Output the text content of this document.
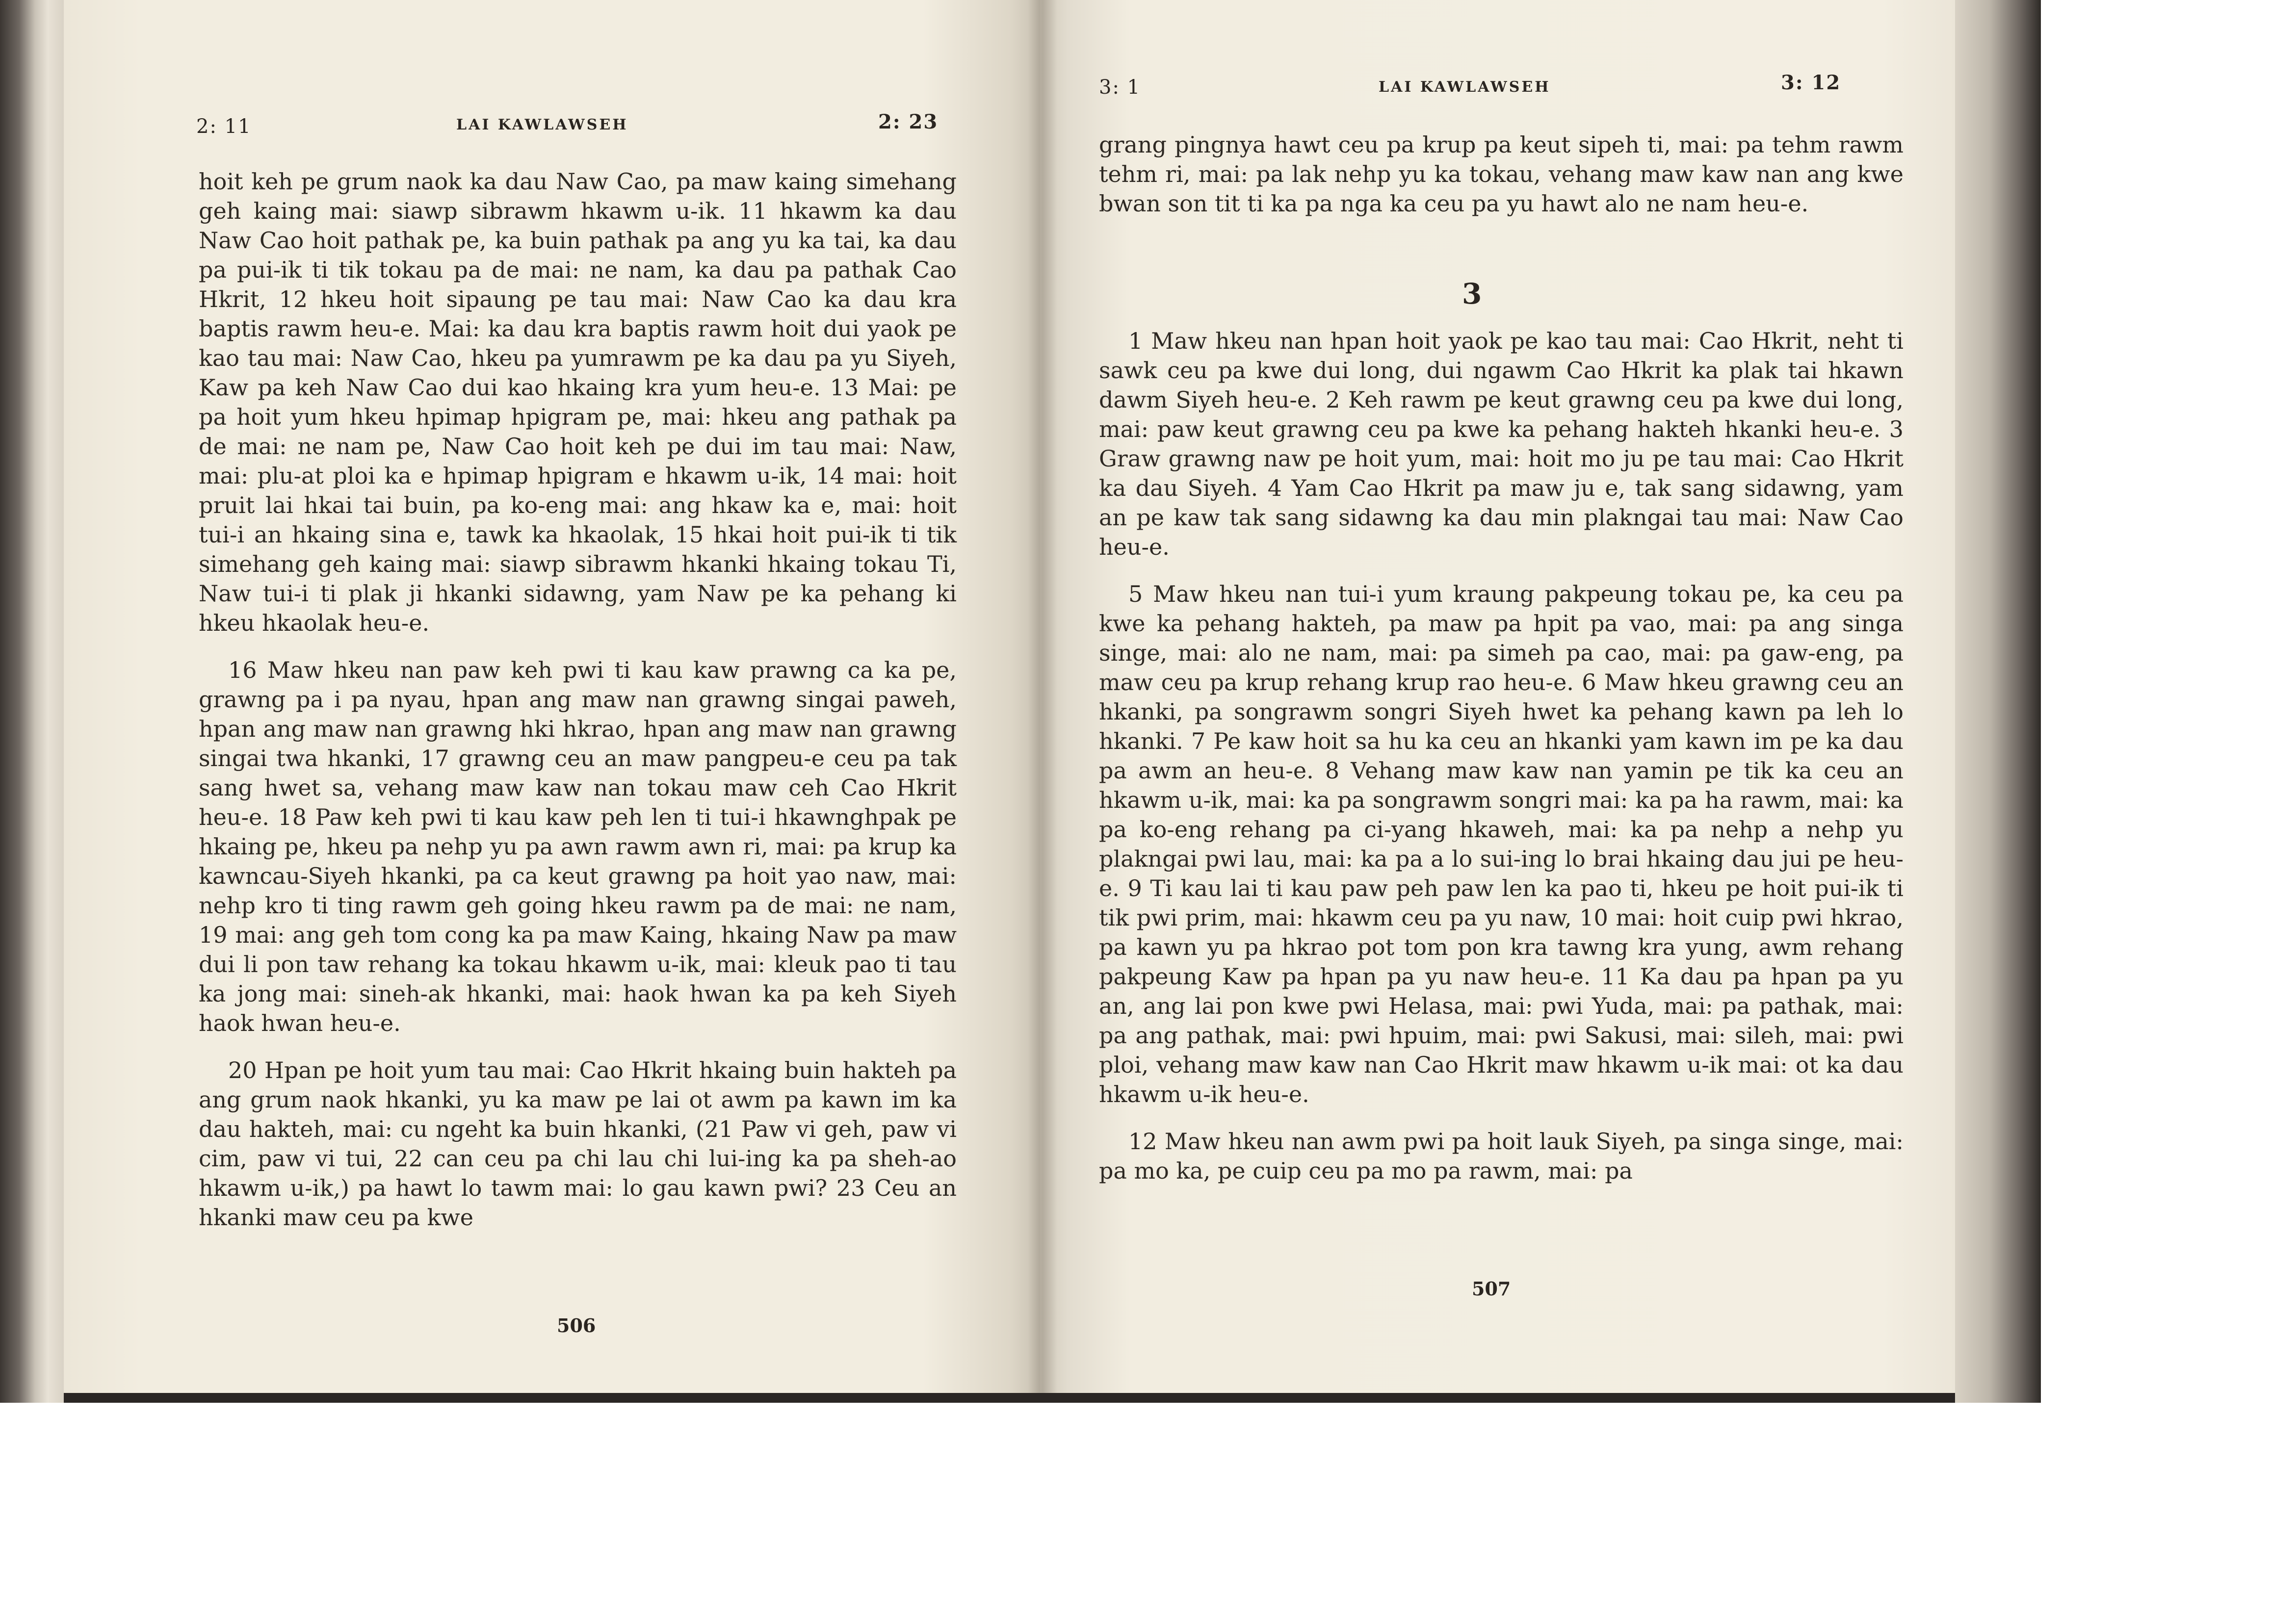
2: 11	LAI KAWLAWSEH	2: 23

hoit keh pe grum naok ka dau Naw Cao, pa maw kaing simehang geh kaing mai: siawp sibrawm hkawm u-ik. 11 hkawm ka dau Naw Cao hoit pathak pe, ka buin pathak pa ang yu ka tai, ka dau pa pui-ik ti tik tokau pa de mai: ne nam, ka dau pa pathak Cao Hkrit, 12 hkeu hoit sipaung pe tau mai: Naw Cao ka dau kra baptis rawm heu-e. Mai: ka dau kra baptis rawm hoit dui yaok pe kao tau mai: Naw Cao, hkeu pa yumrawm pe ka dau pa yu Siyeh, Kaw pa keh Naw Cao dui kao hkaing kra yum heu-e. 13 Mai: pe pa hoit yum hkeu hpimap hpigram pe, mai: hkeu ang pathak pa de mai: ne nam pe, Naw Cao hoit keh pe dui im tau mai: Naw, mai: plu-at ploi ka e hpimap hpigram e hkawm u-ik, 14 mai: hoit pruit lai hkai tai buin, pa ko-eng mai: ang hkaw ka e, mai: hoit tui-i an hkaing sina e, tawk ka hkaolak, 15 hkai hoit pui-ik ti tik simehang geh kaing mai: siawp sibrawm hkanki hkaing tokau Ti, Naw tui-i ti plak ji hkanki sidawng, yam Naw pe ka pehang ki hkeu hkaolak heu-e.

16 Maw hkeu nan paw keh pwi ti kau kaw prawng ca ka pe, grawng pa i pa nyau, hpan ang maw nan grawng singai paweh, hpan ang maw nan grawng hki hkrao, hpan ang maw nan grawng singai twa hkanki, 17 grawng ceu an maw pangpeu-e ceu pa tak sang hwet sa, vehang maw kaw nan tokau maw ceh Cao Hkrit heu-e. 18 Paw keh pwi ti kau kaw peh len ti tui-i hkawnghpak pe hkaing pe, hkeu pa nehp yu pa awn rawm awn ri, mai: pa krup ka kawncau-Siyeh hkanki, pa ca keut grawng pa hoit yao naw, mai: nehp kro ti ting rawm geh going hkeu rawm pa de mai: ne nam, 19 mai: ang geh tom cong ka pa maw Kaing, hkaing Naw pa maw dui li pon taw rehang ka tokau hkawm u-ik, mai: kleuk pao ti tau ka jong mai: sineh-ak hkanki, mai: haok hwan ka pa keh Siyeh haok hwan heu-e.

20 Hpan pe hoit yum tau mai: Cao Hkrit hkaing buin hakteh pa ang grum naok hkanki, yu ka maw pe lai ot awm pa kawn im ka dau hakteh, mai: cu ngeht ka buin hkanki, (21 Paw vi geh, paw vi cim, paw vi tui, 22 can ceu pa chi lau chi lui-ing ka pa sheh-ao hkawm u-ik,) pa hawt lo tawm mai: lo gau kawn pwi? 23 Ceu an hkanki maw ceu pa kwe

506
3: 1	LAI KAWLAWSEH	3: 12

grang pingnya hawt ceu pa krup pa keut sipeh ti, mai: pa tehm rawm tehm ri, mai: pa lak nehp yu ka tokau, vehang maw kaw nan ang kwe bwan son tit ti ka pa nga ka ceu pa yu hawt alo ne nam heu-e.

3

1 Maw hkeu nan hpan hoit yaok pe kao tau mai: Cao Hkrit, neht ti sawk ceu pa kwe dui long, dui ngawm Cao Hkrit ka plak tai hkawn dawm Siyeh heu-e. 2 Keh rawm pe keut grawng ceu pa kwe dui long, mai: paw keut grawng ceu pa kwe ka pehang hakteh hkanki heu-e. 3 Graw grawng naw pe hoit yum, mai: hoit mo ju pe tau mai: Cao Hkrit ka dau Siyeh. 4 Yam Cao Hkrit pa maw ju e, tak sang sidawng, yam an pe kaw tak sang sidawng ka dau min plakngai tau mai: Naw Cao heu-e.

5 Maw hkeu nan tui-i yum kraung pakpeung tokau pe, ka ceu pa kwe ka pehang hakteh, pa maw pa hpit pa vao, mai: pa ang singa singe, mai: alo ne nam, mai: pa simeh pa cao, mai: pa gaw-eng, pa maw ceu pa krup rehang krup rao heu-e. 6 Maw hkeu grawng ceu an hkanki, pa songrawm songri Siyeh hwet ka pehang kawn pa leh lo hkanki. 7 Pe kaw hoit sa hu ka ceu an hkanki yam kawn im pe ka dau pa awm an heu-e. 8 Vehang maw kaw nan yamin pe tik ka ceu an hkawm u-ik, mai: ka pa songrawm songri mai: ka pa ha rawm, mai: ka pa ko-eng rehang pa ci-yang hkaweh, mai: ka pa nehp a nehp yu plakngai pwi lau, mai: ka pa a lo sui-ing lo brai hkaing dau jui pe heu-e. 9 Ti kau lai ti kau paw peh paw len ka pao ti, hkeu pe hoit pui-ik ti tik pwi prim, mai: hkawm ceu pa yu naw, 10 mai: hoit cuip pwi hkrao, pa kawn yu pa hkrao pot tom pon kra tawng kra yung, awm rehang pakpeung Kaw pa hpan pa yu naw heu-e. 11 Ka dau pa hpan pa yu an, ang lai pon kwe pwi Helasa, mai: pwi Yuda, mai: pa pathak, mai: pa ang pathak, mai: pwi hpuim, mai: pwi Sakusi, mai: sileh, mai: pwi ploi, vehang maw kaw nan Cao Hkrit maw hkawm u-ik mai: ot ka dau hkawm u-ik heu-e.

12 Maw hkeu nan awm pwi pa hoit lauk Siyeh, pa singa singe, mai: pa mo ka, pe cuip ceu pa mo pa rawm, mai: pa

507
